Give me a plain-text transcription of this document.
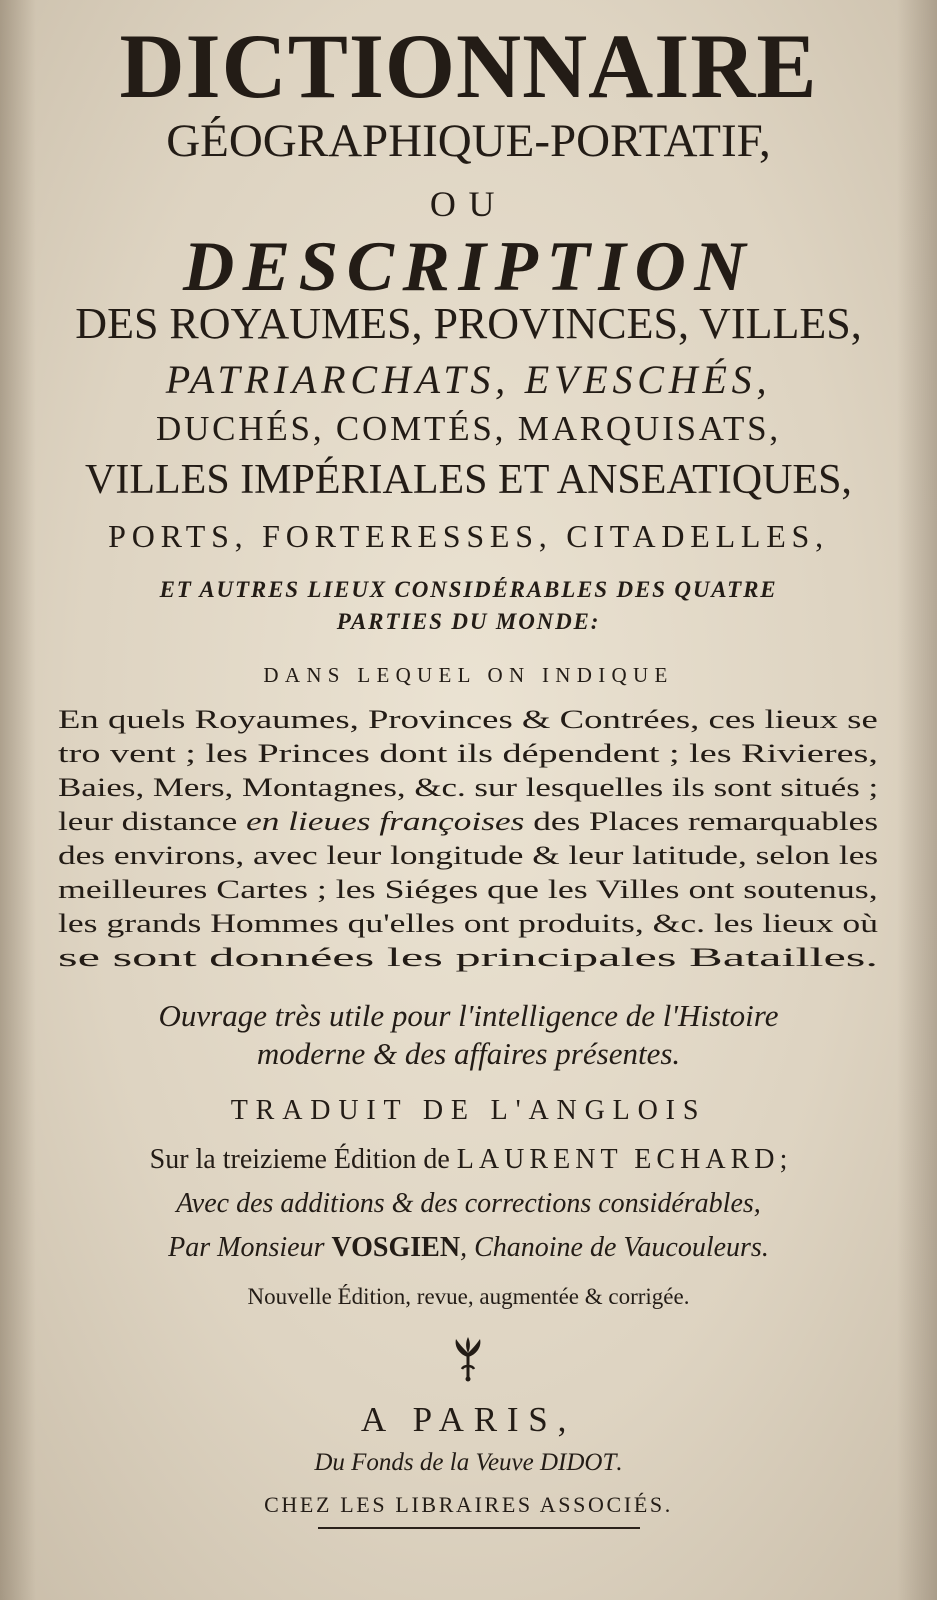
DICTIONNAIRE
GÉOGRAPHIQUE-PORTATIF,
OU
DESCRIPTION
DES ROYAUMES, PROVINCES, VILLES,
PATRIARCHATS, EVESCHÉS,
DUCHÉS, COMTÉS, MARQUISATS,
VILLES IMPÉRIALES ET ANSEATIQUES,
PORTS, FORTERESSES, CITADELLES,
ET AUTRES LIEUX CONSIDÉRABLES DES QUATRE
PARTIES DU MONDE:
DANS LEQUEL ON INDIQUE
En quels Royaumes, Provinces & Contrées, ces lieux se
tro vent ; les Princes dont ils dépendent ; les Rivieres,
Baies, Mers, Montagnes, &c. sur lesquelles ils sont situés ;
leur distance en lieues françoises des Places remarquables
des environs, avec leur longitude & leur latitude, selon les
meilleures Cartes ; les Siéges que les Villes ont soutenus,
les grands Hommes qu'elles ont produits, &c. les lieux où
se sont données les principales Batailles.
Ouvrage très utile pour l'intelligence de l'Histoire
moderne & des affaires présentes.
TRADUIT DE L'ANGLOIS
Sur la treizieme Édition de LAURENT ECHARD;
Avec des additions & des corrections considérables,
Par Monsieur VOSGIEN, Chanoine de Vaucouleurs.
Nouvelle Édition, revue, augmentée & corrigée.
A PARIS,
Du Fonds de la Veuve DIDOT.
CHEZ LES LIBRAIRES ASSOCIÉS.
